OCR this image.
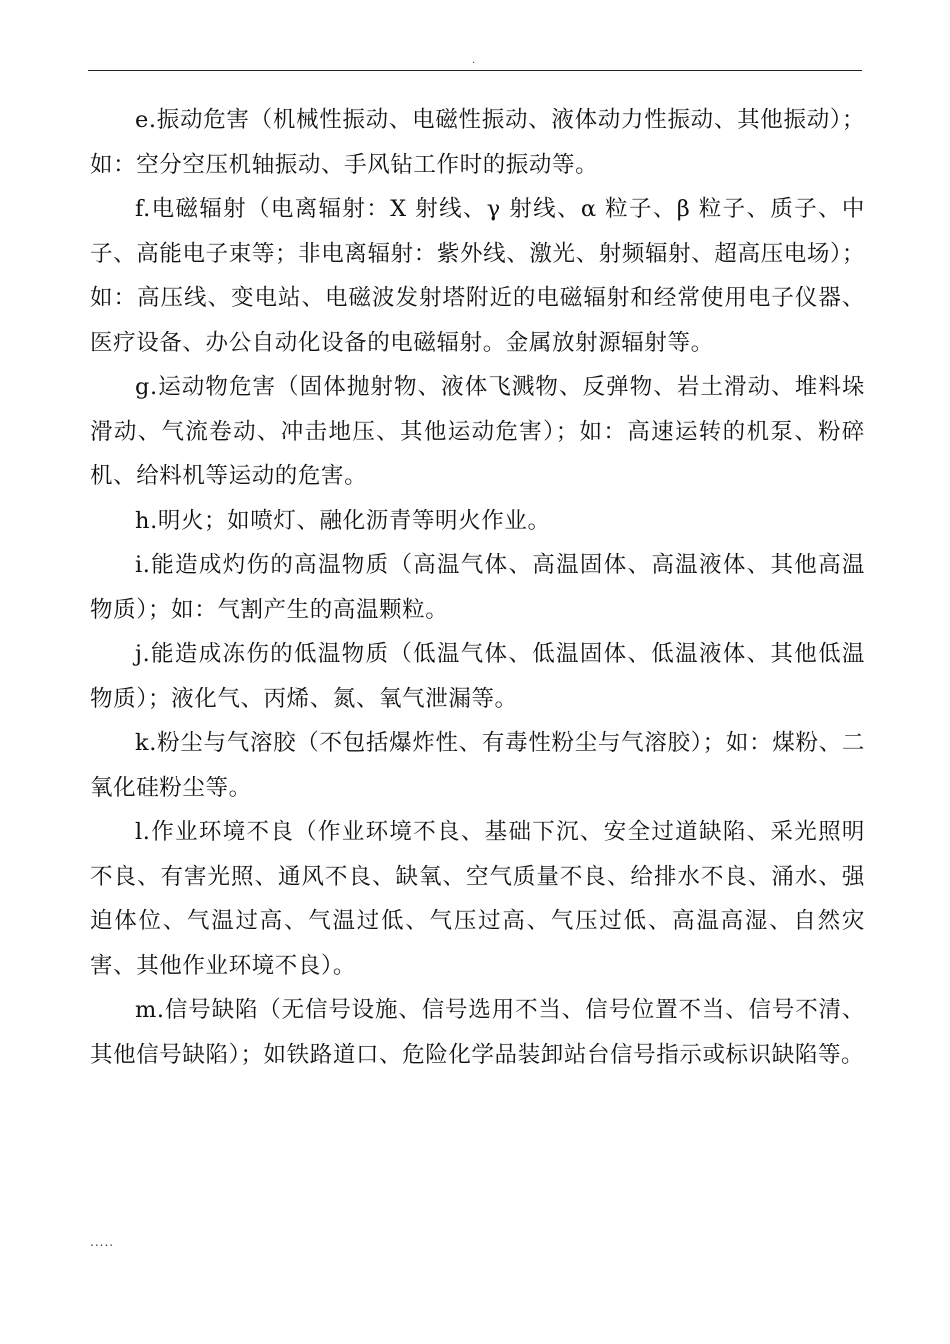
.

e.振动危害（机械性振动、电磁性振动、液体动力性振动、其他振动）；如：空分空压机轴振动、手风钻工作时的振动等。

f.电磁辐射（电离辐射：X 射线、γ 射线、α 粒子、β 粒子、质子、中子、高能电子束等；非电离辐射：紫外线、激光、射频辐射、超高压电场）；如：高压线、变电站、电磁波发射塔附近的电磁辐射和经常使用电子仪器、医疗设备、办公自动化设备的电磁辐射。金属放射源辐射等。

g.运动物危害（固体抛射物、液体飞溅物、反弹物、岩土滑动、堆料垛滑动、气流卷动、冲击地压、其他运动危害）；如：高速运转的机泵、粉碎机、给料机等运动的危害。

h.明火；如喷灯、融化沥青等明火作业。

i.能造成灼伤的高温物质（高温气体、高温固体、高温液体、其他高温物质）；如：气割产生的高温颗粒。

j.能造成冻伤的低温物质（低温气体、低温固体、低温液体、其他低温物质）；液化气、丙烯、氮、氧气泄漏等。

k.粉尘与气溶胶（不包括爆炸性、有毒性粉尘与气溶胶）；如：煤粉、二氧化硅粉尘等。

l.作业环境不良（作业环境不良、基础下沉、安全过道缺陷、采光照明不良、有害光照、通风不良、缺氧、空气质量不良、给排水不良、涌水、强迫体位、气温过高、气温过低、气压过高、气压过低、高温高湿、自然灾害、其他作业环境不良）。

m.信号缺陷（无信号设施、信号选用不当、信号位置不当、信号不清、其他信号缺陷）；如铁路道口、危险化学品装卸站台信号指示或标识缺陷等。

.....
